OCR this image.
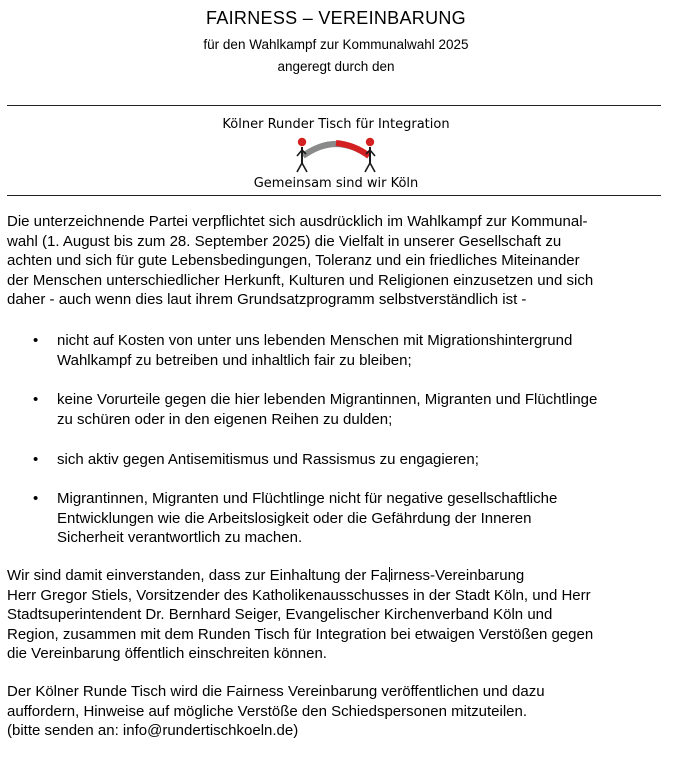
FAIRNESS – VEREINBARUNG
für den Wahlkampf zur Kommunalwahl 2025
angeregt durch den
Kölner Runder Tisch für Integration
Gemeinsam sind wir Köln

Die unterzeichnende Partei verpflichtet sich ausdrücklich im Wahlkampf zur Kommunal-
wahl (1. August bis zum 28. September 2025) die Vielfalt in unserer Gesellschaft zu
achten und sich für gute Lebensbedingungen, Toleranz und ein friedliches Miteinander
der Menschen unterschiedlicher Herkunft, Kulturen und Religionen einzusetzen und sich
daher - auch wenn dies laut ihrem Grundsatzprogramm selbstverständlich ist -

• nicht auf Kosten von unter uns lebenden Menschen mit Migrationshintergrund
Wahlkampf zu betreiben und inhaltlich fair zu bleiben;

• keine Vorurteile gegen die hier lebenden Migrantinnen, Migranten und Flüchtlinge
zu schüren oder in den eigenen Reihen zu dulden;

• sich aktiv gegen Antisemitismus und Rassismus zu engagieren;

• Migrantinnen, Migranten und Flüchtlinge nicht für negative gesellschaftliche
Entwicklungen wie die Arbeitslosigkeit oder die Gefährdung der Inneren
Sicherheit verantwortlich zu machen.

Wir sind damit einverstanden, dass zur Einhaltung der Fa irness-Vereinbarung
Herr Gregor Stiels, Vorsitzender des Katholikenausschusses in der Stadt Köln, und Herr
Stadtsuperintendent Dr. Bernhard Seiger, Evangelischer Kirchenverband Köln und
Region, zusammen mit dem Runden Tisch für Integration bei etwaigen Verstößen gegen
die Vereinbarung öffentlich einschreiten können.

Der Kölner Runde Tisch wird die Fairness Vereinbarung veröffentlichen und dazu
auffordern, Hinweise auf mögliche Verstöße den Schiedspersonen mitzuteilen.
(bitte senden an: info@rundertischkoeln.de)
